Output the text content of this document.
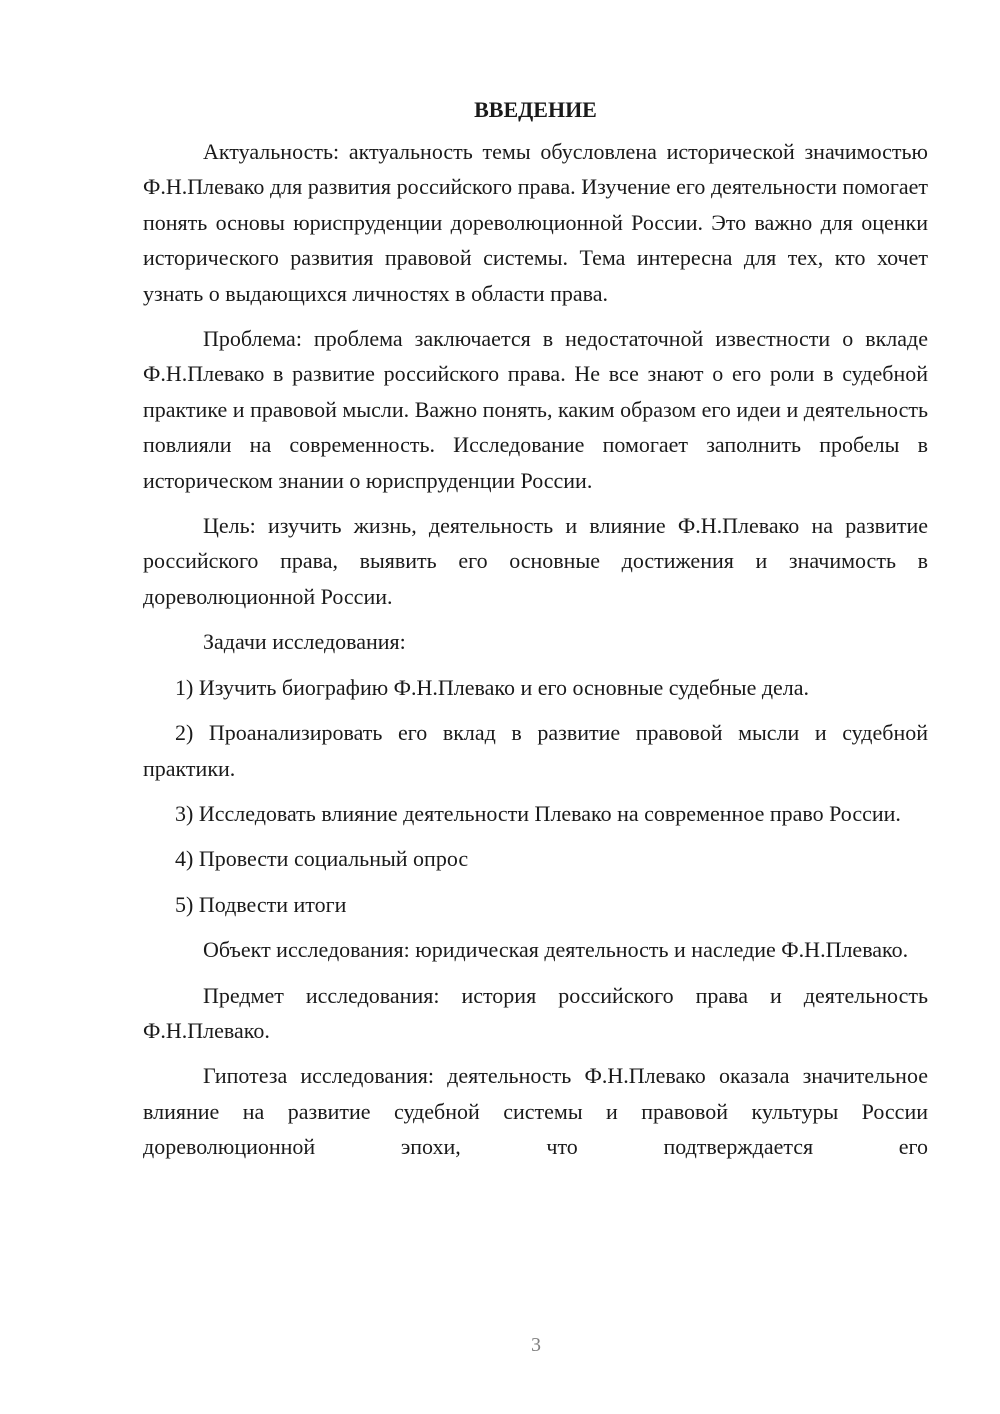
ВВЕДЕНИЕ

Актуальность: актуальность темы обусловлена исторической значимостью Ф.Н.Плевако для развития российского права. Изучение его деятельности помогает понять основы юриспруденции дореволюционной России. Это важно для оценки исторического развития правовой системы. Тема интересна для тех, кто хочет узнать о выдающихся личностях в области права.

Проблема: проблема заключается в недостаточной известности о вкладе Ф.Н.Плевако в развитие российского права. Не все знают о его роли в судебной практике и правовой мысли. Важно понять, каким образом его идеи и деятельность повлияли на современность. Исследование помогает заполнить пробелы в историческом знании о юриспруденции России.

Цель: изучить жизнь, деятельность и влияние Ф.Н.Плевако на развитие российского права, выявить его основные достижения и значимость в дореволюционной России.

Задачи исследования:

1) Изучить биографию Ф.Н.Плевако и его основные судебные дела.

2) Проанализировать его вклад в развитие правовой мысли и судебной практики.

3) Исследовать влияние деятельности Плевако на современное право России.

4) Провести социальный опрос

5) Подвести итоги

Объект исследования: юридическая деятельность и наследие Ф.Н.Плевако.

Предмет исследования: история российского права и деятельность Ф.Н.Плевако.

Гипотеза исследования: деятельность Ф.Н.Плевако оказала значительное влияние на развитие судебной системы и правовой культуры России дореволюционной эпохи, что подтверждается его

3
